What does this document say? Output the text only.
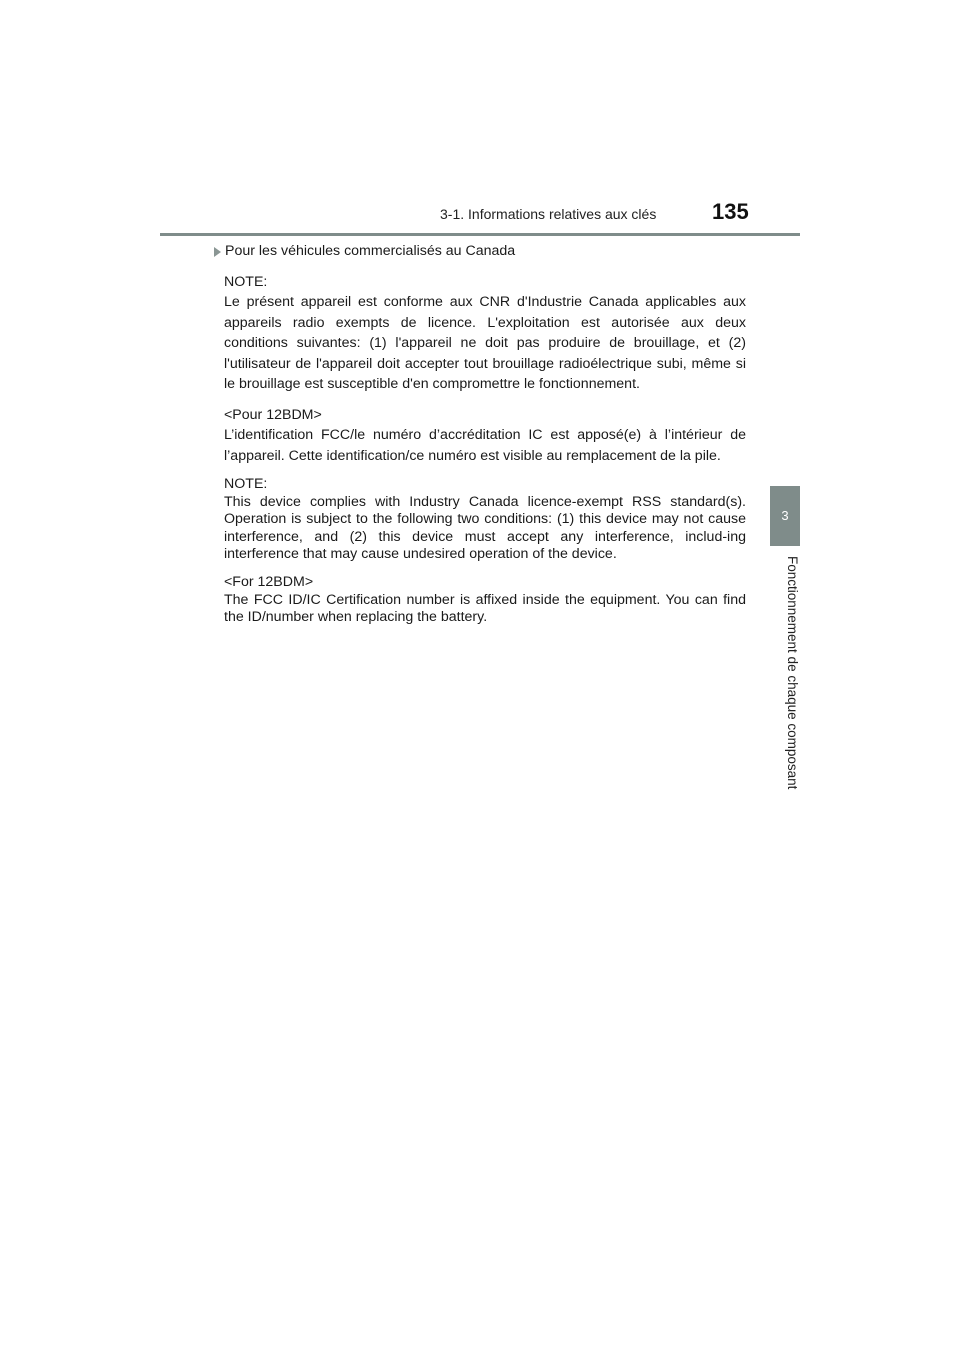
3-1. Informations relatives aux clés	135
3
Fonctionnement de chaque composant
Pour les véhicules commercialisés au Canada
NOTE:
Le présent appareil est conforme aux CNR d'Industrie Canada applicables aux appareils radio exempts de licence. L'exploitation est autorisée aux deux conditions suivantes: (1) l'appareil ne doit pas produire de brouillage, et (2) l'utilisateur de l'appareil doit accepter tout brouillage radioélectrique subi, même si le brouillage est susceptible d'en compromettre le fonctionnement.
<Pour 12BDM>
L’identification FCC/le numéro d’accréditation IC est apposé(e) à l’intérieur de l’appareil. Cette identification/ce numéro est visible au remplacement de la pile.
NOTE:
This device complies with Industry Canada licence-exempt RSS standard(s). Operation is subject to the following two conditions: (1) this device may not cause interference, and (2) this device must accept any interference, includ-ing interference that may cause undesired operation of the device.
<For 12BDM>
The FCC ID/IC Certification number is affixed inside the equipment. You can find the ID/number when replacing the battery.
